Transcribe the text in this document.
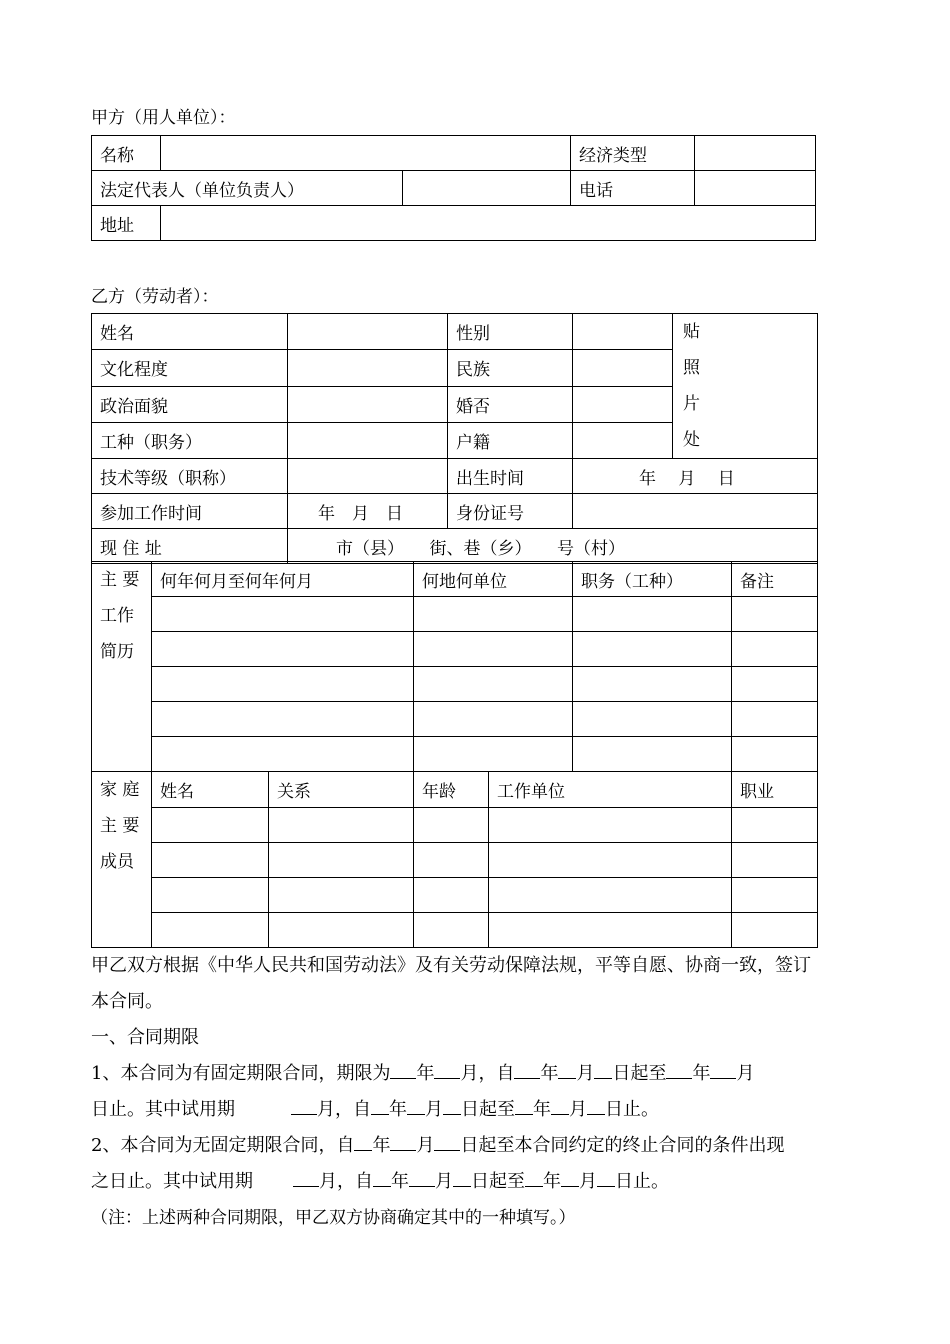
甲方（用人单位）：
名称			经济类型	
法定代表人（单位负责人）			电话	
地址				
乙方（劳动者）：
姓名		性别		贴
照
片
处

文化程度		民族		
政治面貌		婚否		
工种（职务）		户籍		
技术等级（职称）		出生时间	年　 月　 日	
参加工作时间	年　月　日	身份证号		
现 住 址	市（县）　　街、巷（乡）　　号（村）			
主 要
工作
简历	何年何月至何年何月	何地何单位	职务（工种）	备注

家 庭
主 要
成员	姓名	关系	年龄	工作单位	职业

甲乙双方根据《中华人民共和国劳动法》及有关劳动保障法规，平等自愿、协商一致，签订
本合同。
一、合同期限
1、本合同为有固定期限合同，期限为 年 月，自 年 月 日起至 年 月
日止。其中试用期	月，自 年 月 日起至 年 月 日止。
2、本合同为无固定期限合同，自 年 月 日起至本合同约定的终止合同的条件出现
之日止。其中试用期	月，自 年 月 日起至 年 月 日止。
（注：上述两种合同期限，甲乙双方协商确定其中的一种填写。）
